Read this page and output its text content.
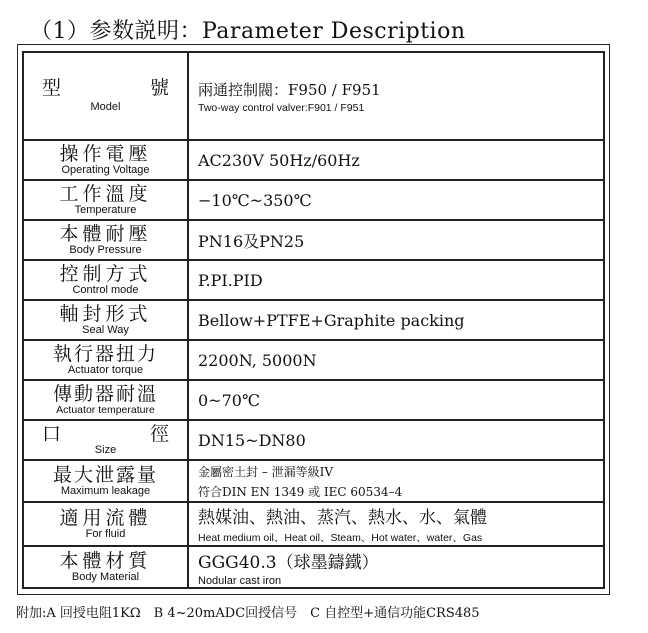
（1）参数説明：Parameter Description
型 號
Model	兩通控制閥：F950 / F951
Two-way control valver:F901 / F951

操作電壓
Operating Voltage	AC230V 50Hz/60Hz

工作溫度
Temperature	−10℃~350℃

本體耐壓
Body Pressure	PN16及PN25

控制方式
Control mode	P.PI.PID

軸封形式
Seal Way	Bellow+PTFE+Graphite packing

執行器扭力
Actuator torque	2200N, 5000N

傳動器耐溫
Actuator temperature	0~70℃

口 徑
Size	DN15~DN80

最大泄露量
Maximum leakage	金屬密土封 – 泄漏等級IV
符合DIN EN 1349 或 IEC 60534–4

適用流體
For fluid	熱媒油、熱油、蒸汽、熱水、水、氣體
Heat medium oil、Heat oil、Steam、Hot water、water、Gas

本體材質
Body Material	GGG40.3（球墨鑄鐵）
Nodular cast iron
附加:A 回授电阻1KΩ　B 4~20mADC回授信号　C 自控型+通信功能CRS485
